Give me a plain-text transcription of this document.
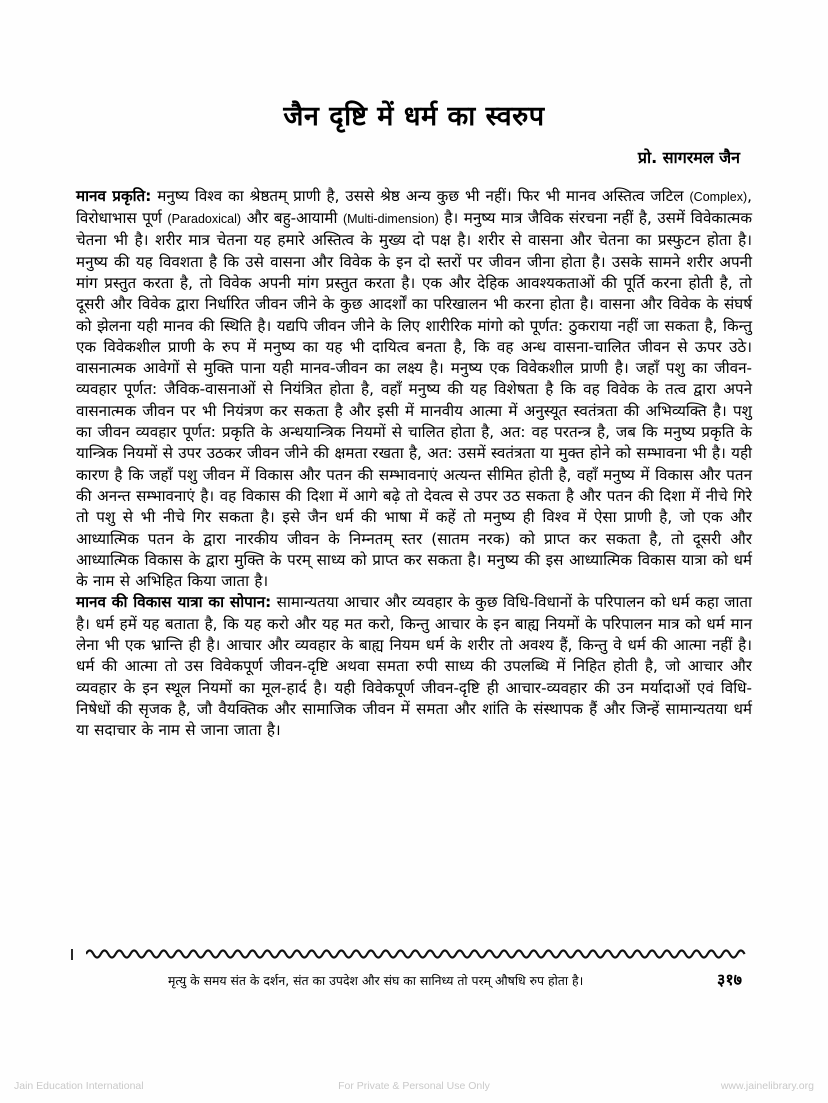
जैन दृष्टि में धर्म का स्वरुप
प्रो. सागरमल जैन

मानव प्रकृति: मनुष्य विश्व का श्रेष्ठतम् प्राणी है, उससे श्रेष्ठ अन्य कुछ भी नहीं। फिर भी मानव अस्तित्व जटिल (Complex), विरोधाभास पूर्ण (Paradoxical) और बहु-आयामी (Multi-dimension) है। मनुष्य मात्र जैविक संरचना नहीं है, उसमें विवेकात्मक चेतना भी है। शरीर मात्र चेतना यह हमारे अस्तित्व के मुख्य दो पक्ष है। शरीर से वासना और चेतना का प्रस्फुटन होता है। मनुष्य की यह विवशता है कि उसे वासना और विवेक के इन दो स्तरों पर जीवन जीना होता है। उसके सामने शरीर अपनी मांग प्रस्तुत करता है, तो विवेक अपनी मांग प्रस्तुत करता है। एक और देहिक आवश्यकताओं की पूर्ति करना होती है, तो दूसरी और विवेक द्वारा निर्धारित जीवन जीने के कुछ आदर्शों का परिखालन भी करना होता है। वासना और विवेक के संघर्ष को झेलना यही मानव की स्थिति है। यद्यपि जीवन जीने के लिए शारीरिक मांगो को पूर्णत: ठुकराया नहीं जा सकता है, किन्तु एक विवेकशील प्राणी के रुप में मनुष्य का यह भी दायित्व बनता है, कि वह अन्ध वासना-चालित जीवन से ऊपर उठे। वासनात्मक आवेगों से मुक्ति पाना यही मानव-जीवन का लक्ष्य है। मनुष्य एक विवेकशील प्राणी है। जहाँ पशु का जीवन-व्यवहार पूर्णत: जैविक-वासनाओं से नियंत्रित होता है, वहाँ मनुष्य की यह विशेषता है कि वह विवेक के तत्व द्वारा अपने वासनात्मक जीवन पर भी नियंत्रण कर सकता है और इसी में मानवीय आत्मा में अनुस्यूत स्वतंत्रता की अभिव्यक्ति है। पशु का जीवन व्यवहार पूर्णत: प्रकृति के अन्धयान्त्रिक नियमों से चालित होता है, अत: वह परतन्त्र है, जब कि मनुष्य प्रकृति के यान्त्रिक नियमों से उपर उठकर जीवन जीने की क्षमता रखता है, अत: उसमें स्वतंत्रता या मुक्त होने को सम्भावना भी है। यही कारण है कि जहाँ पशु जीवन में विकास और पतन की सम्भावनाएं अत्यन्त सीमित होती है, वहाँ मनुष्य में विकास और पतन की अनन्त सम्भावनाएं है। वह विकास की दिशा में आगे बढ़े तो देवत्व से उपर उठ सकता है और पतन की दिशा में नीचे गिरे तो पशु से भी नीचे गिर सकता है। इसे जैन धर्म की भाषा में कहें तो मनुष्य ही विश्व में ऐसा प्राणी है, जो एक और आध्यात्मिक पतन के द्वारा नारकीय जीवन के निम्नतम् स्तर (सातम नरक) को प्राप्त कर सकता है, तो दूसरी और आध्यात्मिक विकास के द्वारा मुक्ति के परम् साध्य को प्राप्त कर सकता है। मनुष्य की इस आध्यात्मिक विकास यात्रा को धर्म के नाम से अभिहित किया जाता है।

मानव की विकास यात्रा का सोपान: सामान्यतया आचार और व्यवहार के कुछ विधि-विधानों के परिपालन को धर्म कहा जाता है। धर्म हमें यह बताता है, कि यह करो और यह मत करो, किन्तु आचार के इन बाह्य नियमों के परिपालन मात्र को धर्म मान लेना भी एक भ्रान्ति ही है। आचार और व्यवहार के बाह्य नियम धर्म के शरीर तो अवश्य हैं, किन्तु वे धर्म की आत्मा नहीं है। धर्म की आत्मा तो उस विवेकपूर्ण जीवन-दृष्टि अथवा समता रुपी साध्य की उपलब्धि में निहित होती है, जो आचार और व्यवहार के इन स्थूल नियमों का मूल-हार्द है। यही विवेकपूर्ण जीवन-दृष्टि ही आचार-व्यवहार की उन मर्यादाओं एवं विधि-निषेधों की सृजक है, जौ वैयक्तिक और सामाजिक जीवन में समता और शांति के संस्थापक हैं और जिन्हें सामान्यतया धर्म या सदाचार के नाम से जाना जाता है।

मृत्यु के समय संत के दर्शन, संत का उपदेश और संघ का सानिध्य तो परम् औषधि रुप होता है।	३१७
Jain Education International	For Private & Personal Use Only	www.jainelibrary.org
